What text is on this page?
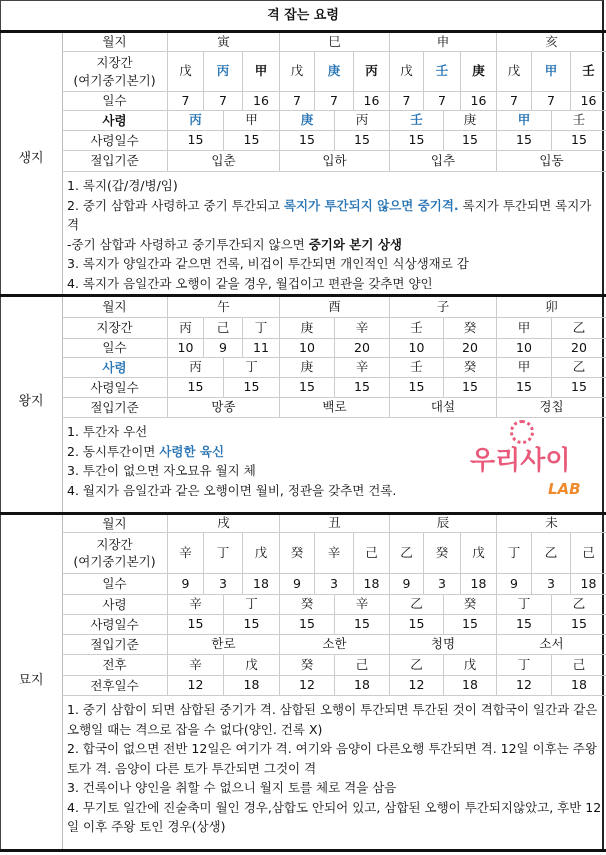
격 잡는 요령
생지
월지	寅	巳	申	亥
지장간
(여기중기본기)
戊	丙	甲	戊	庚	丙	戊	壬	庚	戊	甲	壬
일수	7	7	16	7	7	16	7	7	16	7	7	16
사령	丙	甲	庚	丙	壬	庚	甲	壬
사령일수	15	15	15	15	15	15	15	15
절입기준	입춘	입하	입추	입동
1. 록지(갑/경/병/임)
2. 중기 삼합과 사령하고 중기 투간되고 록지가 투간되지 않으면 중기격. 록지가 투간되면 록지가 격
-중기 삼합과 사령하고 중기투간되지 않으면 중기와 본기 상생
3. 록지가 양일간과 같으면 건록, 비겁이 투간되면 개인적인 식상생재로 감
4. 록지가 음일간과 오행이 같을 경우, 월겁이고 편관을 갖추면 양인
왕지
월지	午	酉	子	卯
지장간	丙	己	丁	庚	辛	壬	癸	甲	乙
일수	10	9	11	10	20	10	20	10	20
사령	丙	丁	庚	辛	壬	癸	甲	乙
사령일수	15	15	15	15	15	15	15	15
절입기준	망종	백로	대설	경칩
1. 투간자 우선
2. 동시투간이면 사령한 육신
3. 투간이 없으면 자오묘유 월지 체
4. 월지가 음일간과 같은 오행이면 월비, 정관을 갖추면 건록.
묘지
월지	戌	丑	辰	未
지장간
(여기중기본기)
辛	丁	戊	癸	辛	己	乙	癸	戊	丁	乙	己
일수	9	3	18	9	3	18	9	3	18	9	3	18
사령	辛	丁	癸	辛	乙	癸	丁	乙
사령일수	15	15	15	15	15	15	15	15
절입기준	한로	소한	청명	소서
전후	辛	戊	癸	己	乙	戊	丁	己
전후일수	12	18	12	18	12	18	12	18
1. 중기 삼합이 되면 삼합된 중기가 격. 삼합된 오행이 투간되면 투간된 것이 격합국이 일간과 같은 오행일 때는 격으로 잡을 수 없다(양인. 건록 X)
2. 합국이 없으면 전반 12일은 여기가 격. 여기와 음양이 다른오행 투간되면 격. 12일 이후는 주왕 토가 격. 음양이 다른 토가 투간되면 그것이 격
3. 건록이나 양인을 취할 수 없으니 월지 토를 체로 격을 삼음
4. 무기토 일간에 진술축미 월인 경우,삼합도 안되어 있고, 삼합된 오행이 투간되지않았고, 후반 12일 이후 주왕 토인 경우(상생)
우리사이
LAB
